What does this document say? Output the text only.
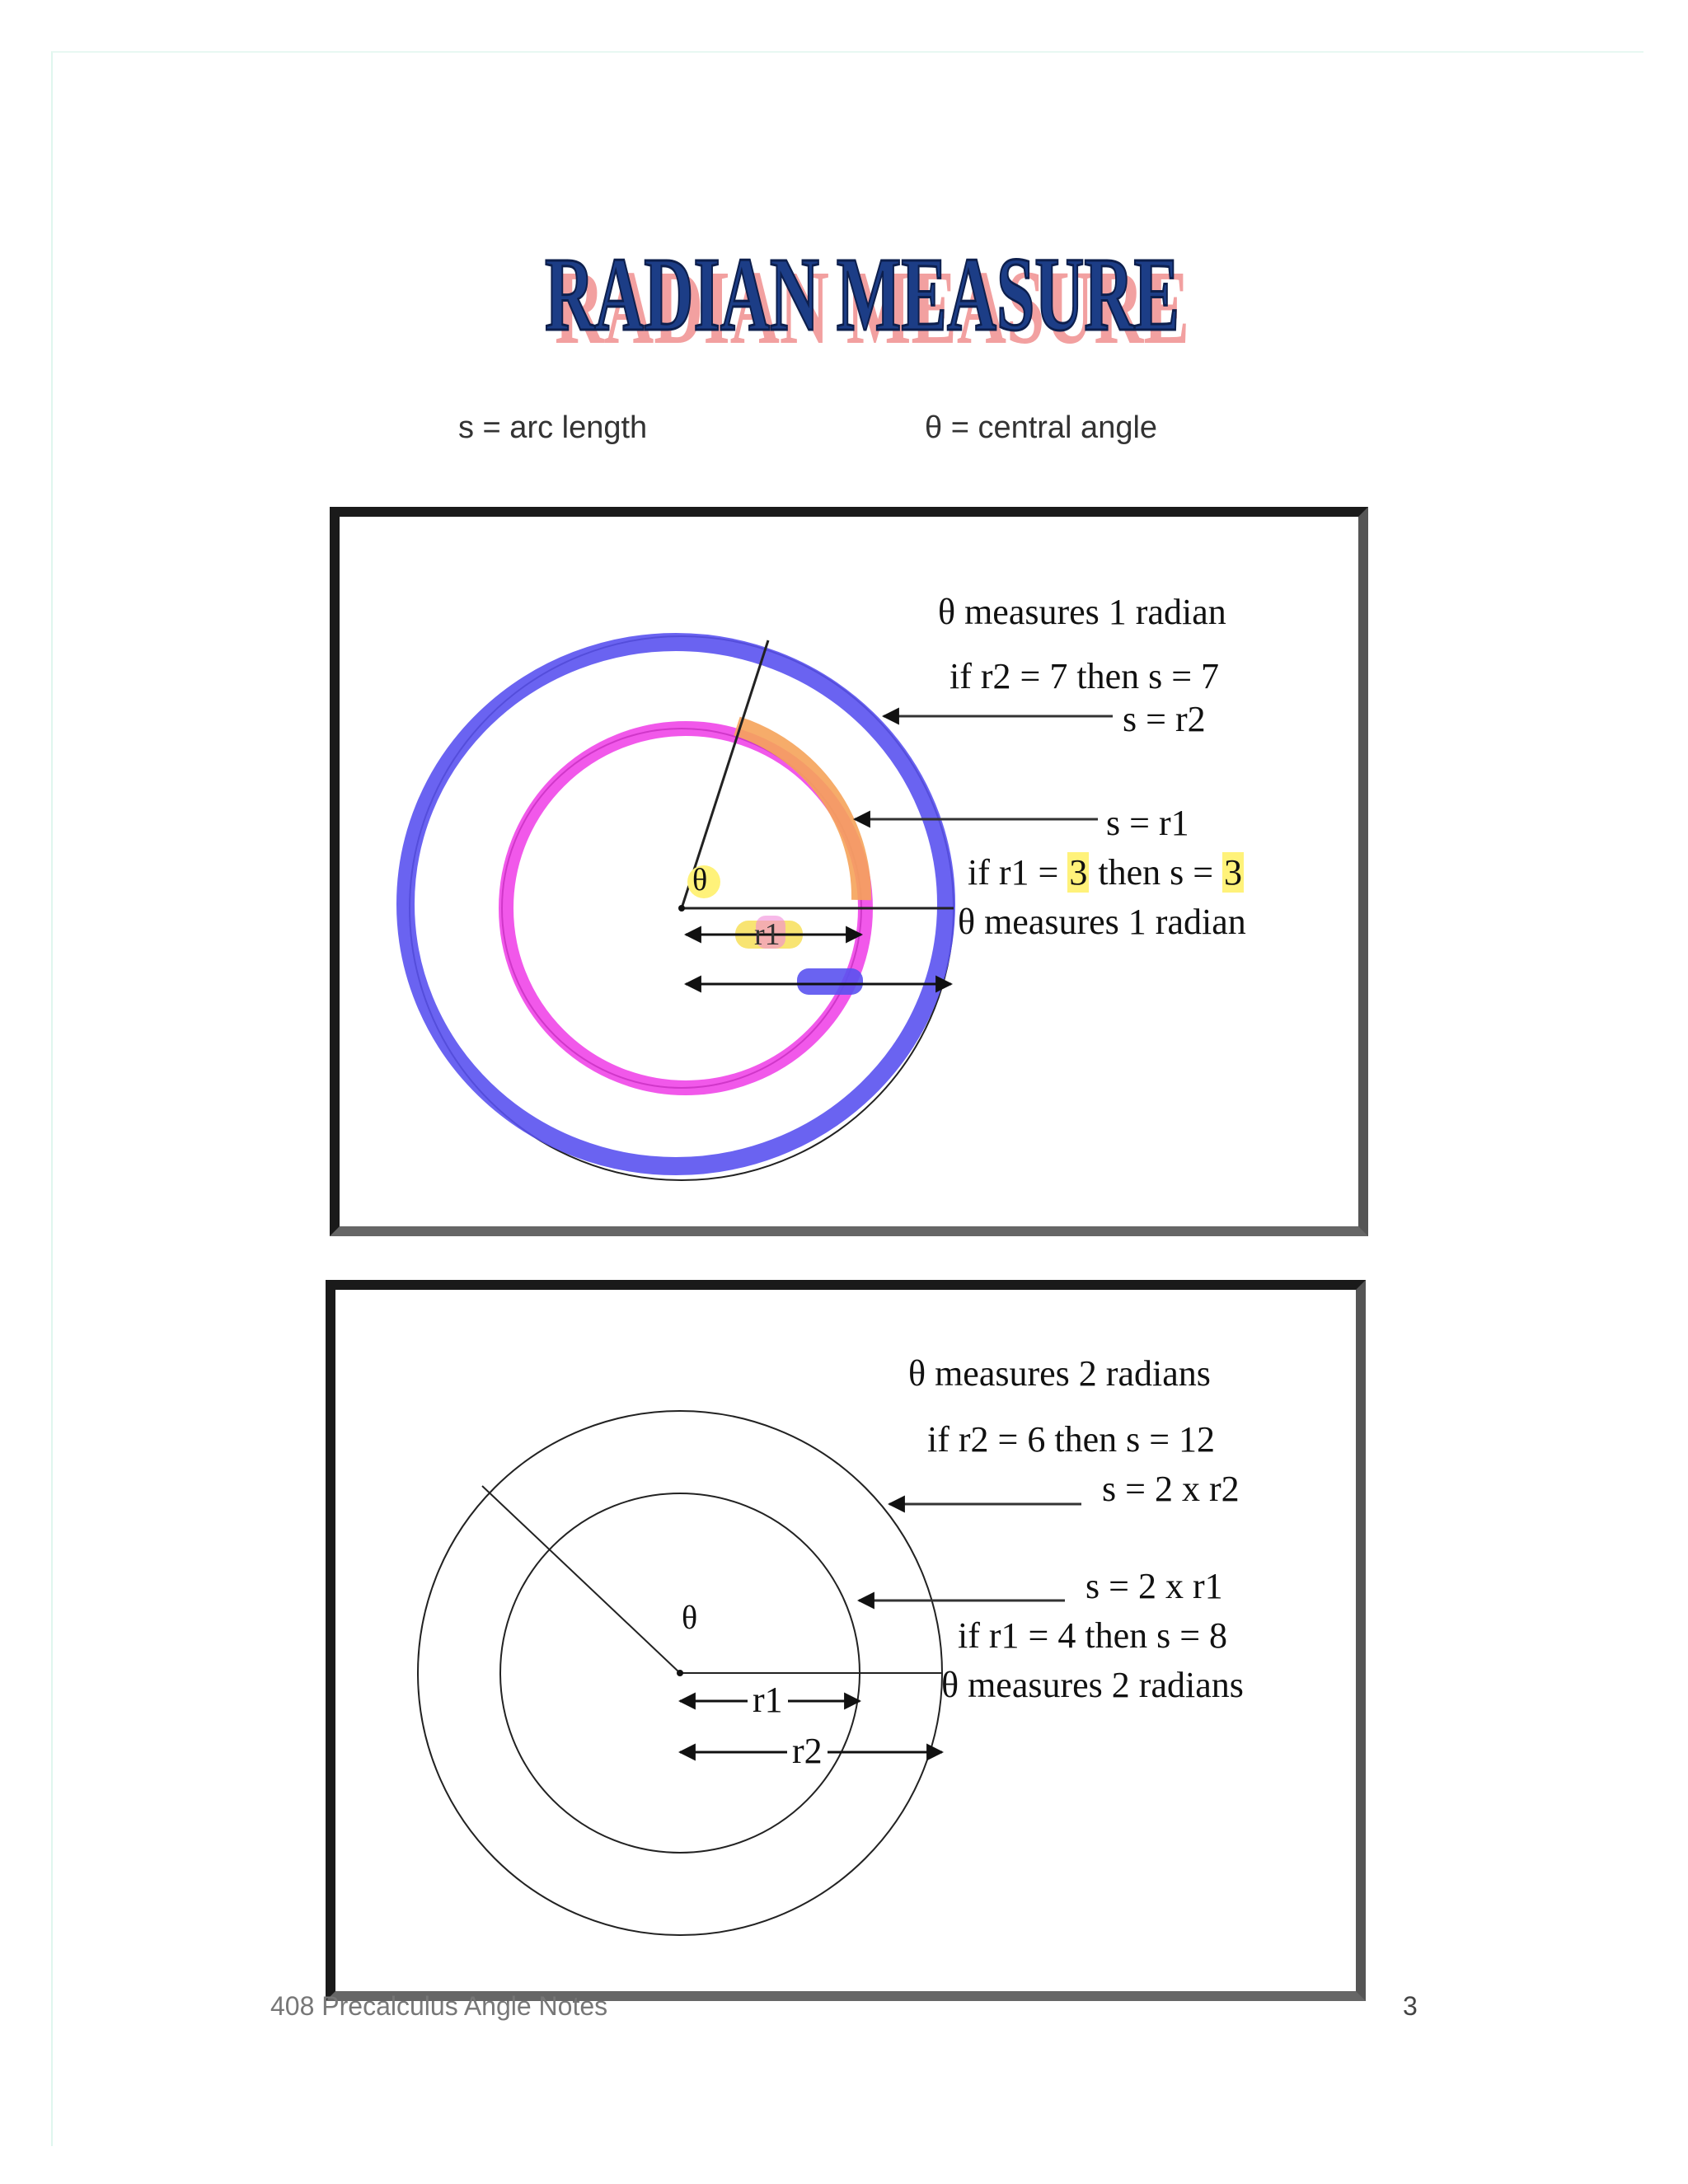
RADIAN MEASURE
RADIAN MEASURE
s = arc length	θ = central angle
θ
r1
θ measures 1 radian
if r2 = 7 then s = 7
s = r2
s = r1
if r1 = 3 then s = 3
θ measures 1 radian
θ
r1
r2
θ measures 2 radians
if r2 = 6 then s = 12
s = 2 x r2
s = 2 x r1
if r1 = 4 then s = 8
θ measures 2 radians
408 Precalculus Angle Notes	3
